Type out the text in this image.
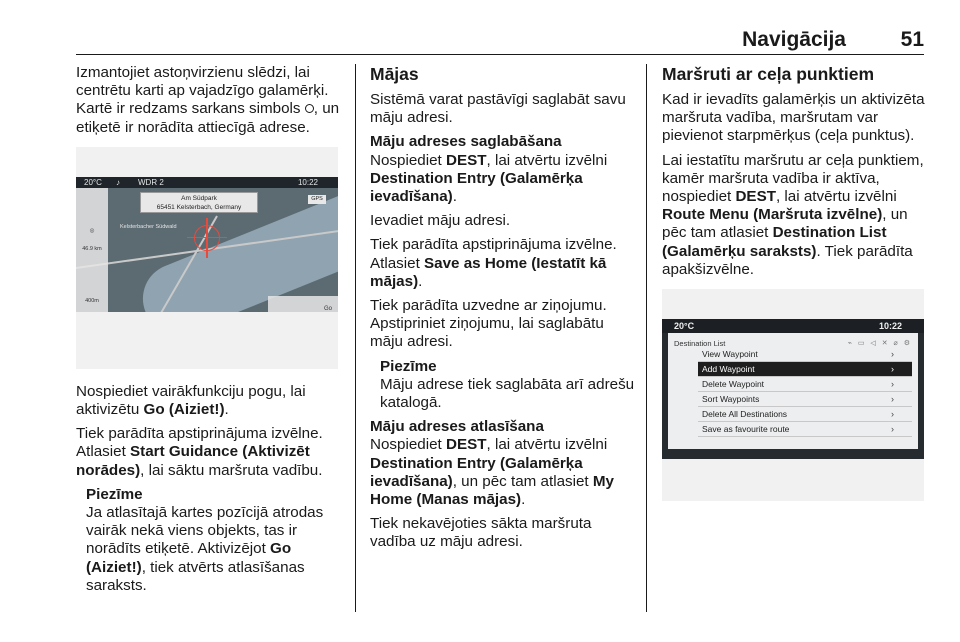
Navigācija	51

Izmantojiet astoņvirzienu slēdzi, lai centrētu karti ap vajadzīgo galamērķi. Kartē ir redzams sarkans simbols , un etiķetē ir norādīta attiecīgā adrese.

20°C ♪ WDR 2	10:22
Kelsterbacher Südwald
Am Südpark
65451 Kelsterbach, Germany
GPS
◎
46.9 km
400m
Go

Nospiediet vairākfunkciju pogu, lai aktivizētu Go (Aiziet!).

Tiek parādīta apstiprinājuma izvēlne. Atlasiet Start Guidance (Aktivizēt norādes), lai sāktu maršruta vadību.

Piezīme
Ja atlasītajā kartes pozīcijā atrodas vairāk nekā viens objekts, tas ir norādīts etiķetē. Aktivizējot Go (Aiziet!), tiek atvērts atlasīšanas saraksts.
Mājas

Sistēmā varat pastāvīgi saglabāt savu māju adresi.

Māju adreses saglabāšana

Nospiediet DEST, lai atvērtu izvēlni Destination Entry (Galamērķa ievadīšana).

Ievadiet māju adresi.

Tiek parādīta apstiprinājuma izvēlne. Atlasiet Save as Home (Iestatīt kā mājas).

Tiek parādīta uzvedne ar ziņojumu. Apstipriniet ziņojumu, lai saglabātu māju adresi.

Piezīme
Māju adrese tiek saglabāta arī adrešu katalogā.
Māju adreses atlasīšana

Nospiediet DEST, lai atvērtu izvēlni Destination Entry (Galamērķa ievadīšana), un pēc tam atlasiet My Home (Manas mājas).

Tiek nekavējoties sākta maršruta vadība uz māju adresi.

Maršruti ar ceļa punktiem

Kad ir ievadīts galamērķis un aktivizēta maršruta vadība, maršrutam var pievienot starpmērķus (ceļa punktus).

Lai iestatītu maršrutu ar ceļa punktiem, kamēr maršruta vadība ir aktīva, nospiediet DEST, lai atvērtu izvēlni Route Menu (Maršruta izvēlne), un pēc tam atlasiet Destination List (Galamērķu saraksts). Tiek parādīta apakšizvēlne.

20°C	10:22
Destination List	⌁ ▭ ◁ ✕ ⌀ ⚙
View Waypoint	›
Add Waypoint	›
Delete Waypoint	›
Sort Waypoints	›
Delete All Destinations	›
Save as favourite route	›
